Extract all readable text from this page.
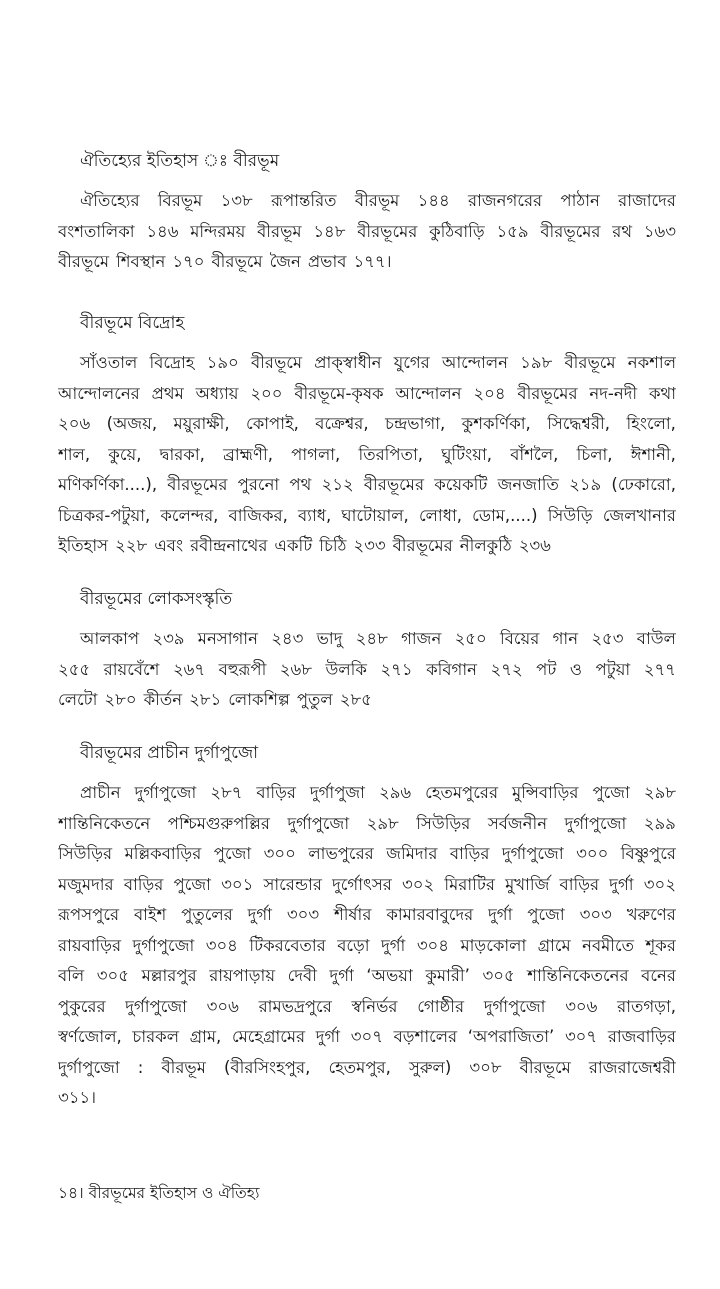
ঐতিহ্যের ইতিহাস ঃ বীরভূম
ঐতিহ্যের বিরভূম ১৩৮ রূপান্তরিত বীরভূম ১৪৪ রাজনগরের পাঠান রাজাদের
বংশতালিকা ১৪৬ মন্দিরময় বীরভূম ১৪৮ বীরভূমের কুঠিবাড়ি ১৫৯ বীরভূমের রথ ১৬৩
বীরভূমে শিবস্থান ১৭০ বীরভূমে জৈন প্রভাব ১৭৭।
বীরভূমে বিদ্রোহ
সাঁওতাল বিদ্রোহ ১৯০ বীরভূমে প্রাক্স্বাধীন যুগের আন্দোলন ১৯৮ বীরভূমে নকশাল
আন্দোলনের প্রথম অধ্যায় ২০০ বীরভূমে-কৃষক আন্দোলন ২০৪ বীরভূমের নদ-নদী কথা
২০৬ (অজয়, ময়ুরাক্ষী, কোপাই, বক্রেশ্বর, চন্দ্রভাগা, কুশকর্ণিকা, সিদ্ধেশ্বরী, হিংলো,
শাল, কুয়ে, দ্বারকা, ব্রাহ্মণী, পাগলা, তিরপিতা, ঘুটিংয়া, বাঁশলৈ, চিলা, ঈশানী,
মণিকর্ণিকা....), বীরভূমের পুরনো পথ ২১২ বীরভূমের কয়েকটি জনজাতি ২১৯ (ঢেকারো,
চিত্রকর-পটুয়া, কলেন্দর, বাজিকর, ব্যাধ, ঘাটোয়াল, লোধা, ডোম,....) সিউড়ি জেলখানার
ইতিহাস ২২৮ এবং রবীন্দ্রনাথের একটি চিঠি ২৩৩ বীরভূমের নীলকুঠি ২৩৬
বীরভূমের লোকসংস্কৃতি
আলকাপ ২৩৯ মনসাগান ২৪৩ ভাদু ২৪৮ গাজন ২৫০ বিয়ের গান ২৫৩ বাউল
২৫৫ রায়বেঁশে ২৬৭ বহুরূপী ২৬৮ উলকি ২৭১ কবিগান ২৭২ পট ও পটুয়া ২৭৭
লেটো ২৮০ কীর্তন ২৮১ লোকশিল্প পুতুল ২৮৫
বীরভূমের প্রাচীন দুর্গাপুজো
প্রাচীন দুর্গাপুজো ২৮৭ বাড়ির দুর্গাপুজা ২৯৬ হেতমপুরের মুন্সিবাড়ির পুজো ২৯৮
শান্তিনিকেতনে পশ্চিমগুরুপল্লির দুর্গাপুজো ২৯৮ সিউড়ির সর্বজনীন দুর্গাপুজো ২৯৯
সিউড়ির মল্লিকবাড়ির পুজো ৩০০ লাভপুরের জমিদার বাড়ির দুর্গাপুজো ৩০০ বিষ্ণুপুরে
মজুমদার বাড়ির পুজো ৩০১ সারেন্ডার দুর্গোৎসর ৩০২ মিরাটির মুখার্জি বাড়ির দুর্গা ৩০২
রূপসপুরে বাইশ পুতুলের দুর্গা ৩০৩ শীর্ষার কামারবাবুদের দুর্গা পুজো ৩০৩ খরুণের
রায়বাড়ির দুর্গাপুজো ৩০৪ টিকরবেতার বড়ো দুর্গা ৩০৪ মাড়কোলা গ্রামে নবমীতে শূকর
বলি ৩০৫ মল্লারপুর রায়পাড়ায় দেবী দুর্গা ‘অভয়া কুমারী’ ৩০৫ শান্তিনিকেতনের বনের
পুকুরের দুর্গাপুজো ৩০৬ রামভদ্রপুরে স্বনির্ভর গোষ্ঠীর দুর্গাপুজো ৩০৬ রাতগড়া,
স্বর্ণজোল, চারকল গ্রাম, মেহেগ্রামের দুর্গা ৩০৭ বড়শালের ‘অপরাজিতা’ ৩০৭ রাজবাড়ির
দুর্গাপুজো : বীরভূম (বীরসিংহপুর, হেতমপুর, সুরুল) ৩০৮ বীরভূমে রাজরাজেশ্বরী
৩১১।
১৪। বীরভূমের ইতিহাস ও ঐতিহ্য
